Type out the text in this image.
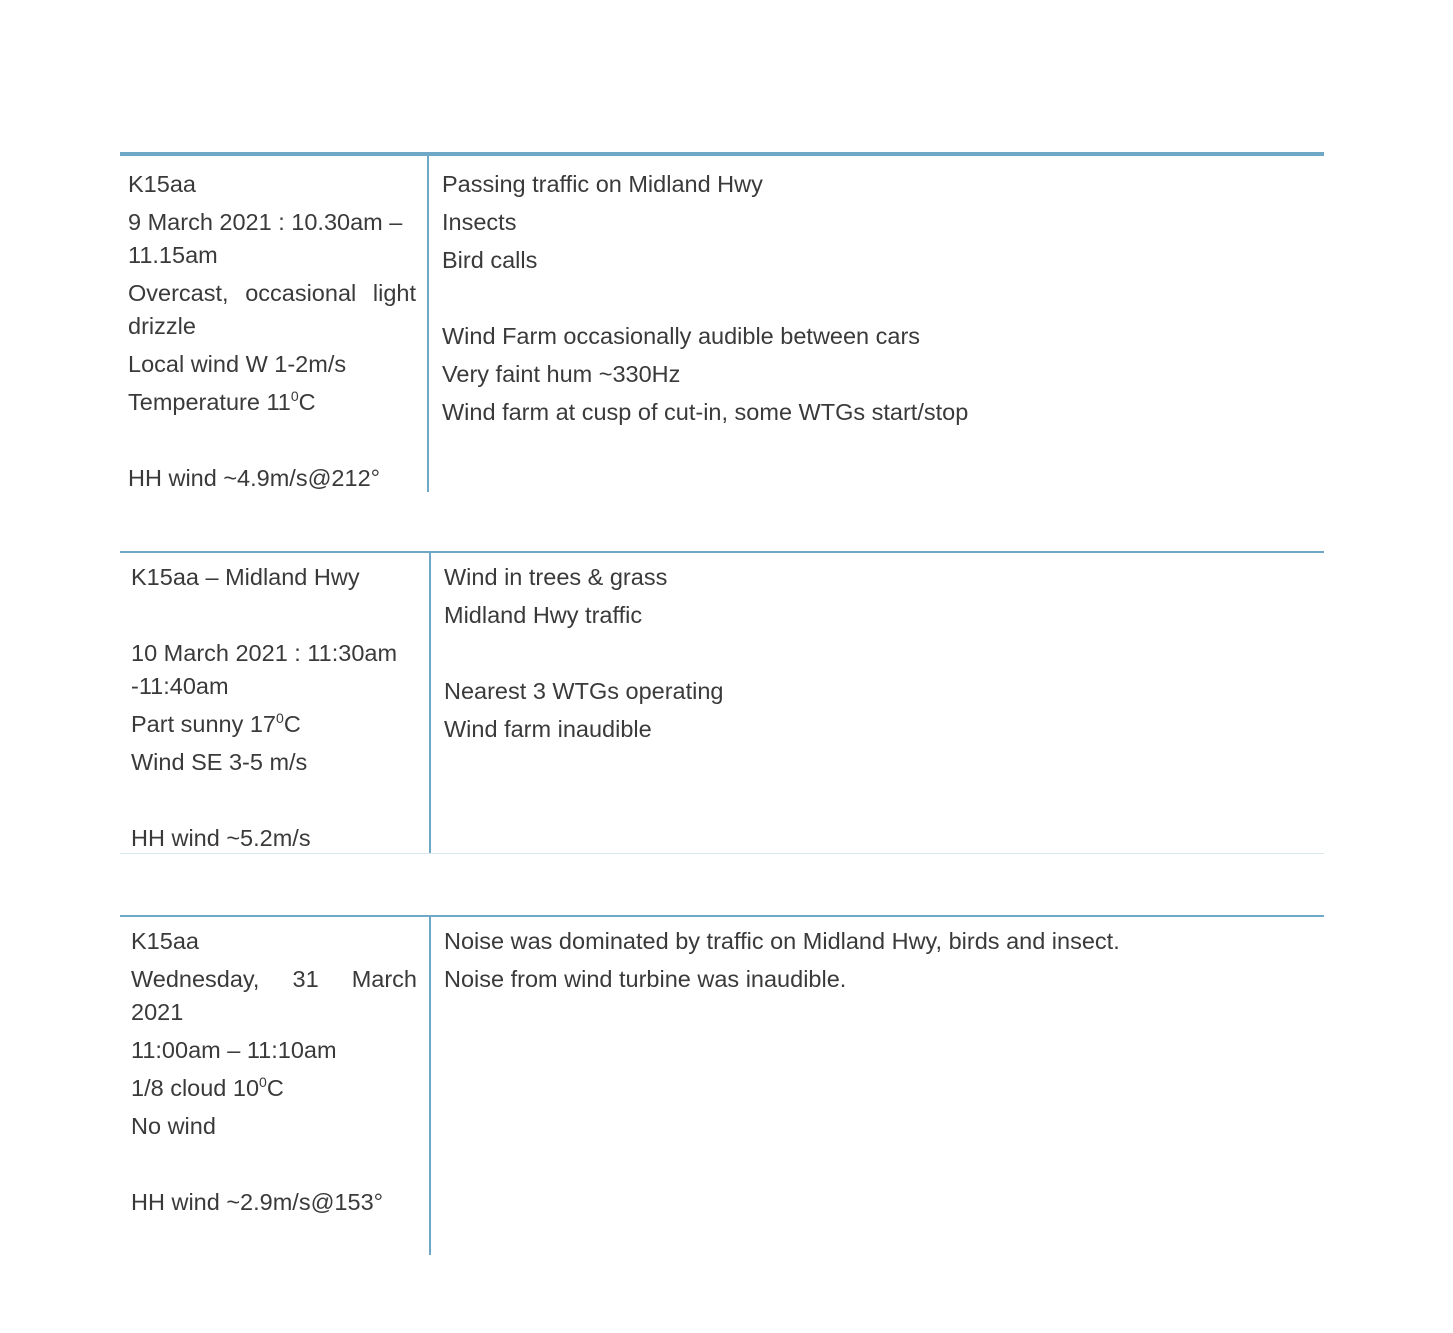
K15aa
9 March 2021 : 10.30am – 11.15am
Overcast, occasional light drizzle
Local wind W 1-2m/s
Temperature $11^0C$
HH wind ~4.9m/s@212°
Passing traffic on Midland Hwy
Insects
Bird calls
Wind Farm occasionally audible between cars
Very faint hum ~330Hz
Wind farm at cusp of cut-in, some WTGs start/stop
K15aa – Midland Hwy
10 March 2021 : 11:30am -11:40am
Part sunny $17^0C$
Wind SE 3-5 m/s
HH wind ~5.2m/s
Wind in trees & grass
Midland Hwy traffic
Nearest 3 WTGs operating
Wind farm inaudible
K15aa
Wednesday, 31 March 2021
11:00am – 11:10am
1/8 cloud $10^0C$
No wind
HH wind ~2.9m/s@153°
Noise was dominated by traffic on Midland Hwy, birds and insect.
Noise from wind turbine was inaudible.
